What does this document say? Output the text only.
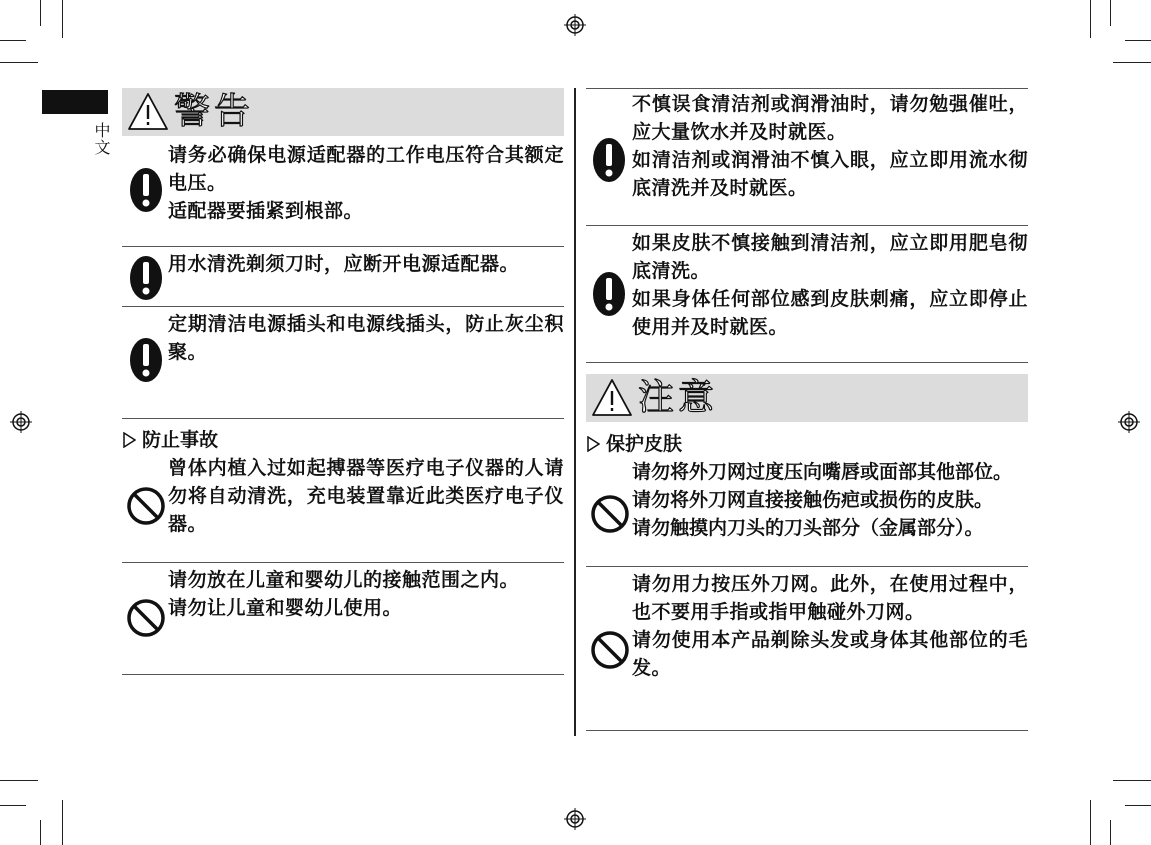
中文
警告

请务必确保电源适配器的工作电压符合其额定电压。

适配器要插紧到根部。

用水清洗剃须刀时，应断开电源适配器。

定期清洁电源插头和电源线插头，防止灰尘积聚。

防止事故

曾体内植入过如起搏器等医疗电子仪器的人请勿将自动清洗，充电装置靠近此类医疗电子仪器。

请勿放在儿童和婴幼儿的接触范围之内。

请勿让儿童和婴幼儿使用。

不慎误食清洁剂或润滑油时，请勿勉强催吐，应大量饮水并及时就医。

如清洁剂或润滑油不慎入眼，应立即用流水彻底清洗并及时就医。

如果皮肤不慎接触到清洁剂，应立即用肥皂彻底清洗。

如果身体任何部位感到皮肤刺痛，应立即停止使用并及时就医。

注意
保护皮肤

请勿将外刀网过度压向嘴唇或面部其他部位。

请勿将外刀网直接接触伤疤或损伤的皮肤。

请勿触摸内刀头的刀头部分（金属部分）。

请勿用力按压外刀网。此外，在使用过程中，也不要用手指或指甲触碰外刀网。

请勿使用本产品剃除头发或身体其他部位的毛发。
